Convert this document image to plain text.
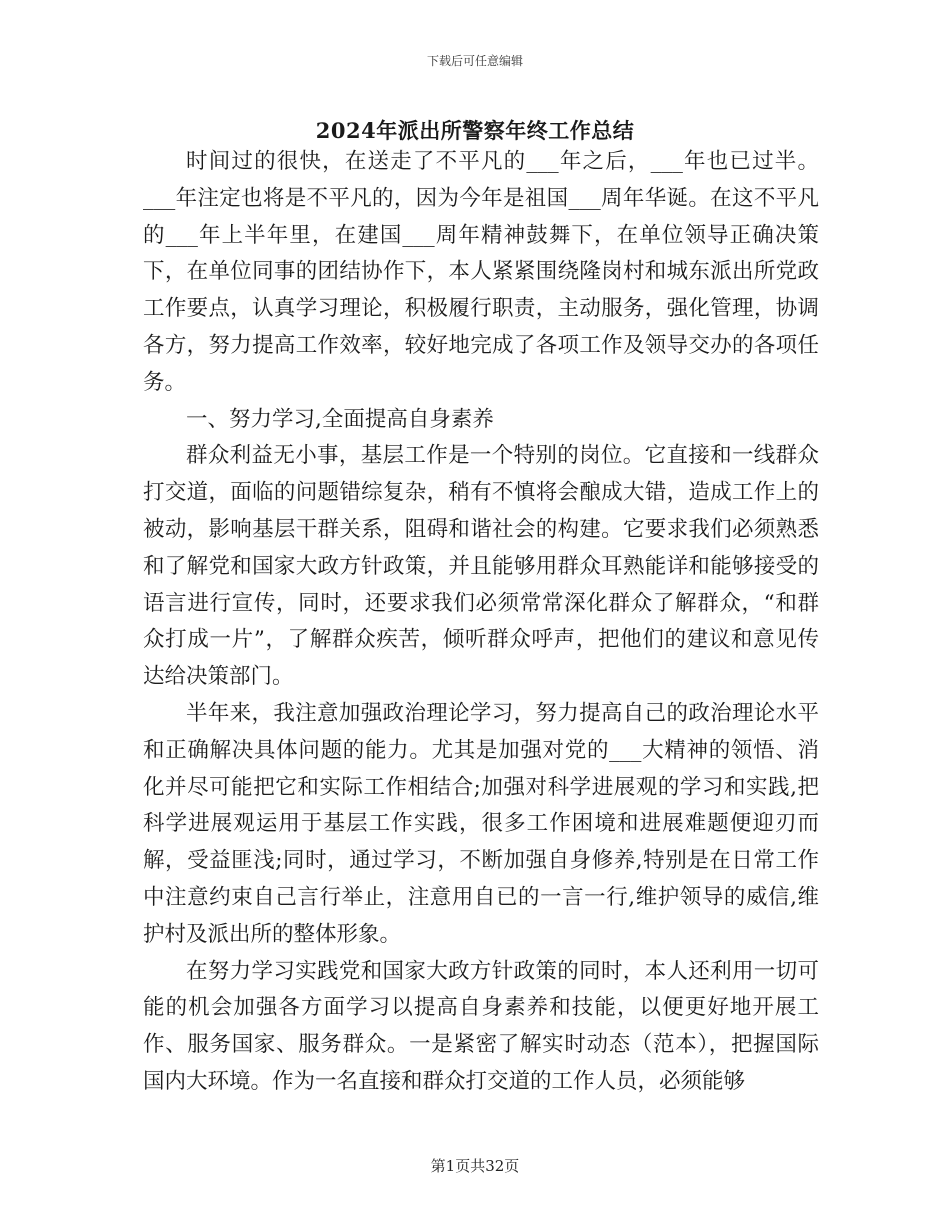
下载后可任意编辑
2024年派出所警察年终工作总结

时间过的很快，在送走了不平凡的___年之后，___年也已过半。___年注定也将是不平凡的，因为今年是祖国___周年华诞。在这不平凡的___年上半年里，在建国___周年精神鼓舞下，在单位领导正确决策下，在单位同事的团结协作下，本人紧紧围绕隆岗村和城东派出所党政工作要点，认真学习理论，积极履行职责，主动服务，强化管理，协调各方，努力提高工作效率，较好地完成了各项工作及领导交办的各项任务。

一、努力学习,全面提高自身素养

群众利益无小事，基层工作是一个特别的岗位。它直接和一线群众打交道，面临的问题错综复杂，稍有不慎将会酿成大错，造成工作上的被动，影响基层干群关系，阻碍和谐社会的构建。它要求我们必须熟悉和了解党和国家大政方针政策，并且能够用群众耳熟能详和能够接受的语言进行宣传，同时，还要求我们必须常常深化群众了解群众，“和群众打成一片”，了解群众疾苦，倾听群众呼声，把他们的建议和意见传达给决策部门。

半年来，我注意加强政治理论学习，努力提高自己的政治理论水平和正确解决具体问题的能力。尤其是加强对党的___大精神的领悟、消化并尽可能把它和实际工作相结合;加强对科学进展观的学习和实践,把科学进展观运用于基层工作实践，很多工作困境和进展难题便迎刃而解，受益匪浅;同时，通过学习，不断加强自身修养,特别是在日常工作中注意约束自己言行举止，注意用自已的一言一行,维护领导的威信,维护村及派出所的整体形象。

在努力学习实践党和国家大政方针政策的同时，本人还利用一切可能的机会加强各方面学习以提高自身素养和技能，以便更好地开展工作、服务国家、服务群众。一是紧密了解实时动态（范本），把握国际国内大环境。作为一名直接和群众打交道的工作人员，必须能够

第1页共32页
